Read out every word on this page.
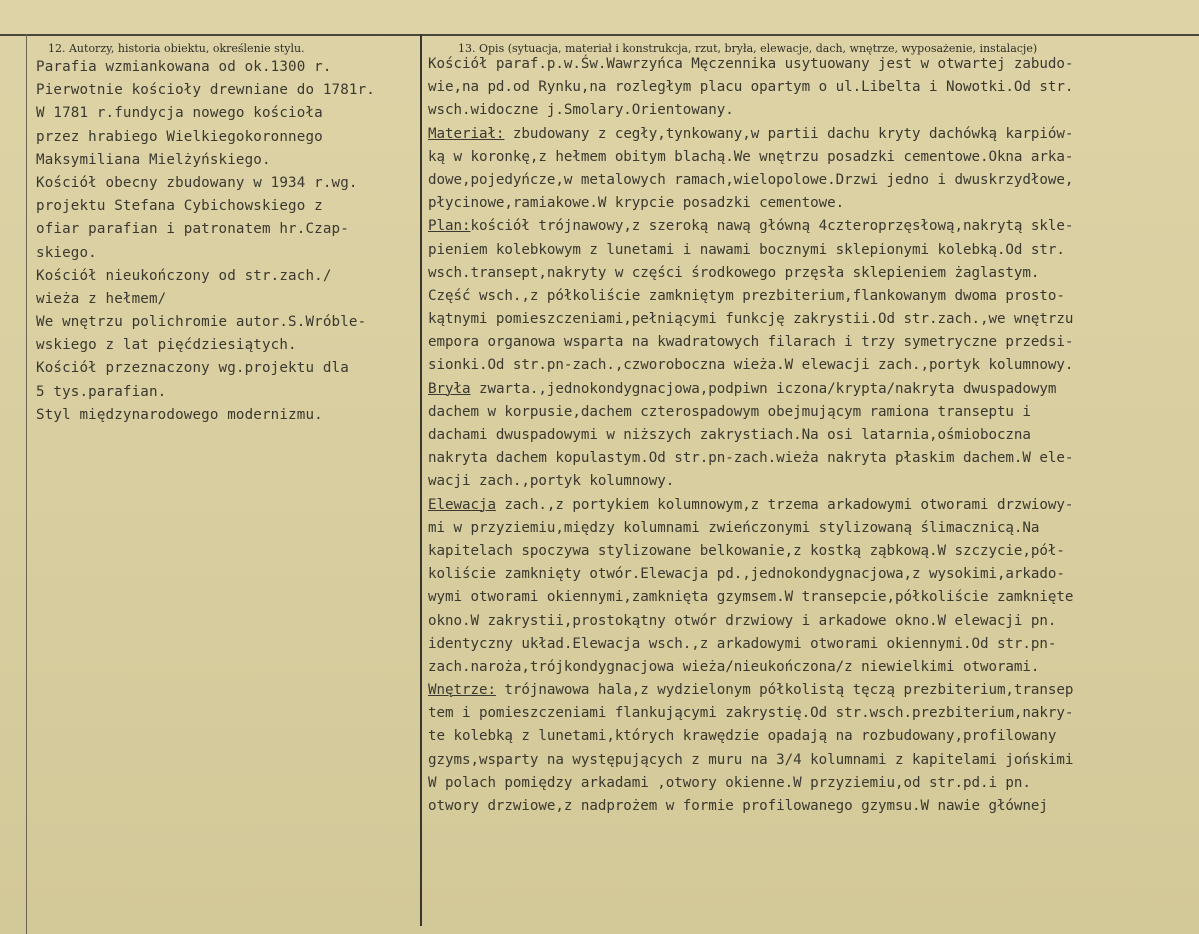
12. Autorzy, historia obiektu, określenie stylu.	13. Opis (sytuacja, materiał i konstrukcja, rzut, bryła, elewacje, dach, wnętrze, wyposażenie, instalacje)
Parafia wzmiankowana od ok.1300 r.
Pierwotnie kościoły drewniane do 1781r.
W 1781 r.fundycja nowego kościoła
przez hrabiego Wielkiegokoronnego
Maksymiliana Mielżyńskiego.
Kościół obecny zbudowany w 1934 r.wg.
projektu Stefana Cybichowskiego z
ofiar parafian i patronatem hr.Czap-
skiego.
Kościół nieukończony od str.zach./
wieża z hełmem/
We wnętrzu polichromie autor.S.Wróble-
wskiego z lat pięćdziesiątych.
Kościół przeznaczony wg.projektu dla
5 tys.parafian.
Styl międzynarodowego modernizmu.
Kościół paraf.p.w.Św.Wawrzyńca Męczennika usytuowany jest w otwartej zabudo-
wie,na pd.od Rynku,na rozległym placu opartym o ul.Libelta i Nowotki.Od str.
wsch.widoczne j.Smolary.Orientowany.
Materiał: zbudowany z cegły,tynkowany,w partii dachu kryty dachówką karpiów-
ką w koronkę,z hełmem obitym blachą.We wnętrzu posadzki cementowe.Okna arka-
dowe,pojedyńcze,w metalowych ramach,wielopolowe.Drzwi jedno i dwuskrzydłowe,
płycinowe,ramiakowe.W krypcie posadzki cementowe.
Plan:kościół trójnawowy,z szeroką nawą główną 4czteroprzęsłową,nakrytą skle-
pieniem kolebkowym z lunetami i nawami bocznymi sklepionymi kolebką.Od str.
wsch.transept,nakryty w części środkowego przęsła sklepieniem żaglastym.
Część wsch.,z półkoliście zamkniętym prezbiterium,flankowanym dwoma prosto-
kątnymi pomieszczeniami,pełniącymi funkcję zakrystii.Od str.zach.,we wnętrzu
empora organowa wsparta na kwadratowych filarach i trzy symetryczne przedsi-
sionki.Od str.pn-zach.,czworoboczna wieża.W elewacji zach.,portyk kolumnowy.
Bryła zwarta.,jednokondygnacjowa,podpiwn iczona/krypta/nakryta dwuspadowym
dachem w korpusie,dachem czterospadowym obejmującym ramiona transeptu i
dachami dwuspadowymi w niższych zakrystiach.Na osi latarnia,ośmioboczna
nakryta dachem kopulastym.Od str.pn-zach.wieża nakryta płaskim dachem.W ele-
wacji zach.,portyk kolumnowy.
Elewacja zach.,z portykiem kolumnowym,z trzema arkadowymi otworami drzwiowy-
mi w przyziemiu,między kolumnami zwieńczonymi stylizowaną ślimacznicą.Na
kapitelach spoczywa stylizowane belkowanie,z kostką ząbkową.W szczycie,pół-
koliście zamknięty otwór.Elewacja pd.,jednokondygnacjowa,z wysokimi,arkado-
wymi otworami okiennymi,zamknięta gzymsem.W transepcie,półkoliście zamknięte
okno.W zakrystii,prostokątny otwór drzwiowy i arkadowe okno.W elewacji pn.
identyczny układ.Elewacja wsch.,z arkadowymi otworami okiennymi.Od str.pn-
zach.naroża,trójkondygnacjowa wieża/nieukończona/z niewielkimi otworami.
Wnętrze: trójnawowa hala,z wydzielonym półkolistą tęczą prezbiterium,transep
tem i pomieszczeniami flankującymi zakrystię.Od str.wsch.prezbiterium,nakry-
te kolebką z lunetami,których krawędzie opadają na rozbudowany,profilowany
gzyms,wsparty na występujących z muru na 3/4 kolumnami z kapitelami jońskimi
W polach pomiędzy arkadami ,otwory okienne.W przyziemiu,od str.pd.i pn.
otwory drzwiowe,z nadprożem w formie profilowanego gzymsu.W nawie głównej
